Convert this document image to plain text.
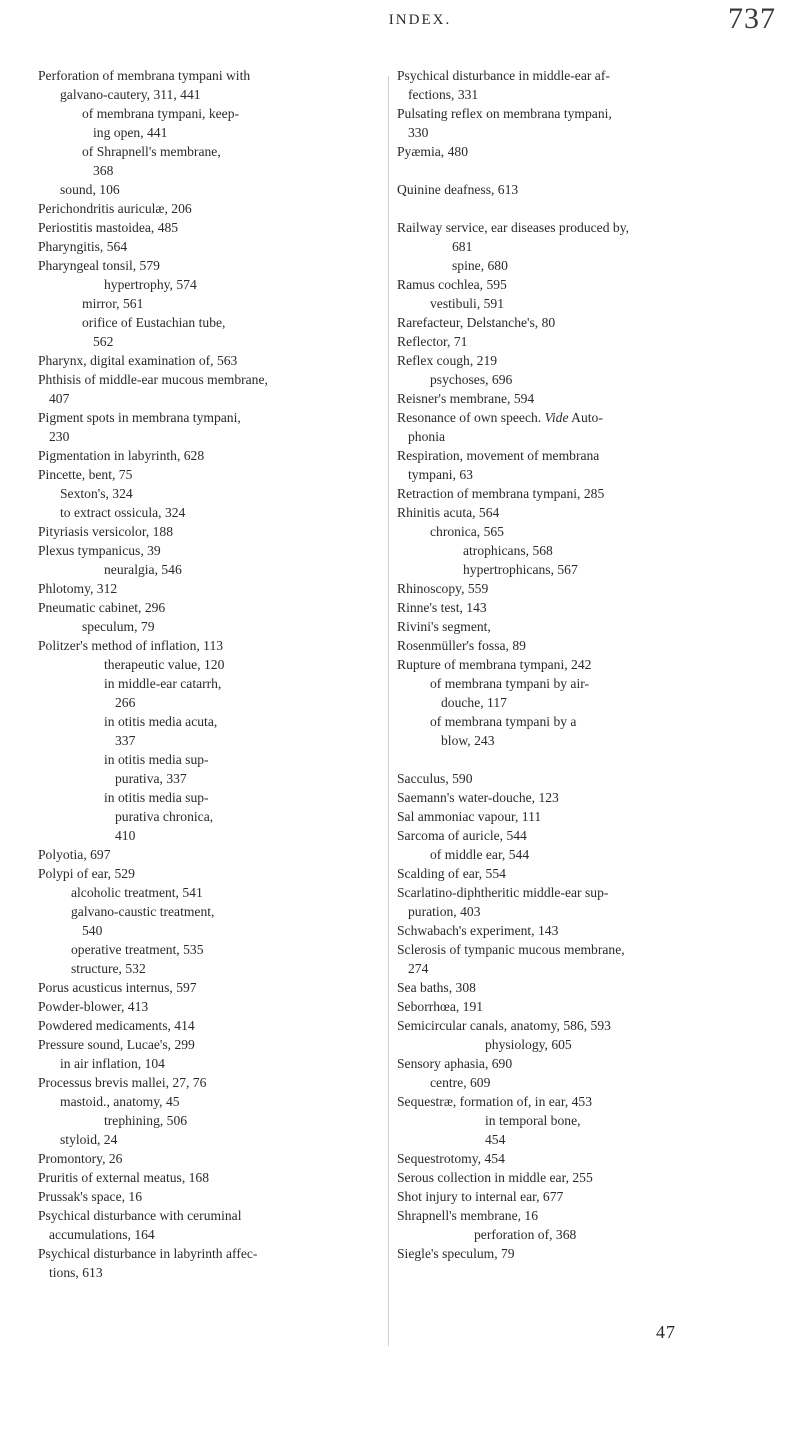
INDEX.	737
Perforation of membrana tympani with
galvano-cautery, 311, 441
of membrana tympani, keep-
ing open, 441
of Shrapnell's membrane,
368
sound, 106
Perichondritis auriculæ, 206
Periostitis mastoidea, 485
Pharyngitis, 564
Pharyngeal tonsil, 579
hypertrophy, 574
mirror, 561
orifice of Eustachian tube,
562
Pharynx, digital examination of, 563
Phthisis of middle-ear mucous membrane,
407
Pigment spots in membrana tympani,
230
Pigmentation in labyrinth, 628
Pincette, bent, 75
Sexton's, 324
to extract ossicula, 324
Pityriasis versicolor, 188
Plexus tympanicus, 39
neuralgia, 546
Phlotomy, 312
Pneumatic cabinet, 296
speculum, 79
Politzer's method of inflation, 113
therapeutic value, 120
in middle-ear catarrh,
266
in otitis media acuta,
337
in otitis media sup-
purativa, 337
in otitis media sup-
purativa chronica,
410
Polyotia, 697
Polypi of ear, 529
alcoholic treatment, 541
galvano-caustic treatment,
540
operative treatment, 535
structure, 532
Porus acusticus internus, 597
Powder-blower, 413
Powdered medicaments, 414
Pressure sound, Lucae's, 299
in air inflation, 104
Processus brevis mallei, 27, 76
mastoid., anatomy, 45
trephining, 506
styloid, 24
Promontory, 26
Pruritis of external meatus, 168
Prussak's space, 16
Psychical disturbance with ceruminal
accumulations, 164
Psychical disturbance in labyrinth affec-
tions, 613
Psychical disturbance in middle-ear af-
fections, 331
Pulsating reflex on membrana tympani,
330
Pyæmia, 480
Quinine deafness, 613
Railway service, ear diseases produced by,
681
spine, 680
Ramus cochlea, 595
vestibuli, 591
Rarefacteur, Delstanche's, 80
Reflector, 71
Reflex cough, 219
psychoses, 696
Reisner's membrane, 594
Resonance of own speech. Vide Auto-
phonia
Respiration, movement of membrana
tympani, 63
Retraction of membrana tympani, 285
Rhinitis acuta, 564
chronica, 565
atrophicans, 568
hypertrophicans, 567
Rhinoscopy, 559
Rinne's test, 143
Rivini's segment,
Rosenmüller's fossa, 89
Rupture of membrana tympani, 242
of membrana tympani by air-
douche, 117
of membrana tympani by a
blow, 243
Sacculus, 590
Saemann's water-douche, 123
Sal ammoniac vapour, 111
Sarcoma of auricle, 544
of middle ear, 544
Scalding of ear, 554
Scarlatino-diphtheritic middle-ear sup-
puration, 403
Schwabach's experiment, 143
Sclerosis of tympanic mucous membrane,
274
Sea baths, 308
Seborrhœa, 191
Semicircular canals, anatomy, 586, 593
physiology, 605
Sensory aphasia, 690
centre, 609
Sequestræ, formation of, in ear, 453
in temporal bone,
454
Sequestrotomy, 454
Serous collection in middle ear, 255
Shot injury to internal ear, 677
Shrapnell's membrane, 16
perforation of, 368
Siegle's speculum, 79
47
